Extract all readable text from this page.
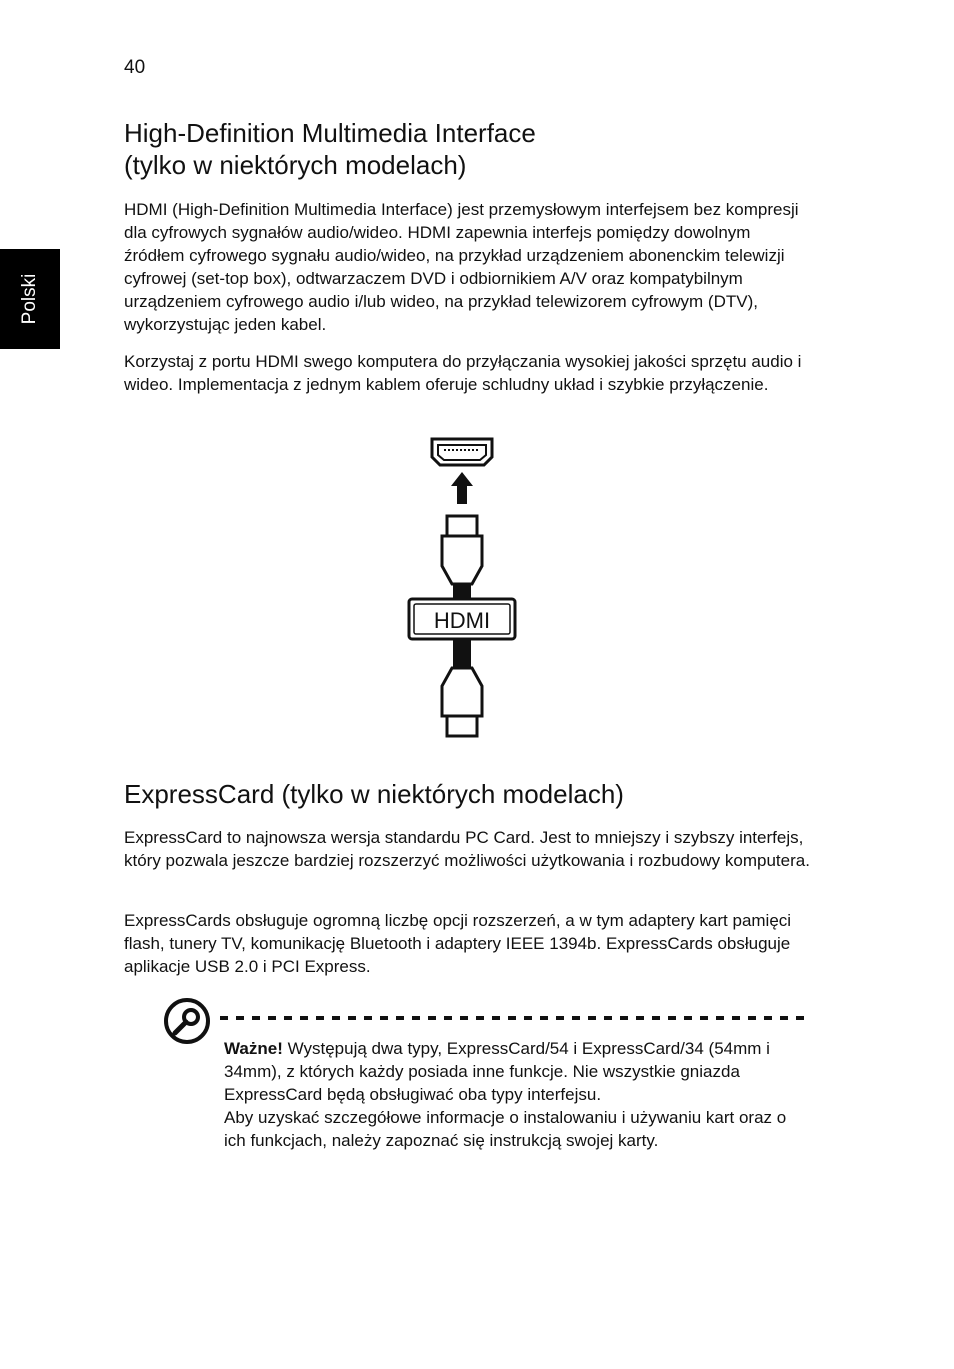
40
Polski
High-Definition Multimedia Interface
(tylko w niektórych modelach)

HDMI (High-Definition Multimedia Interface) jest przemysłowym interfejsem bez kompresji dla cyfrowych sygnałów audio/wideo. HDMI zapewnia interfejs pomiędzy dowolnym źródłem cyfrowego sygnału audio/wideo, na przykład urządzeniem abonenckim telewizji cyfrowej (set-top box), odtwarzaczem DVD i odbiornikiem A/V oraz kompatybilnym urządzeniem cyfrowego audio i/lub wideo, na przykład telewizorem cyfrowym (DTV), wykorzystując jeden kabel.

Korzystaj z portu HDMI swego komputera do przyłączania wysokiej jakości sprzętu audio i wideo. Implementacja z jednym kablem oferuje schludny układ i szybkie przyłączenie.

HDMI
ExpressCard (tylko w niektórych modelach)

ExpressCard to najnowsza wersja standardu PC Card. Jest to mniejszy i szybszy interfejs, który pozwala jeszcze bardziej rozszerzyć możliwości użytkowania i rozbudowy komputera.

ExpressCards obsługuje ogromną liczbę opcji rozszerzeń, a w tym adaptery kart pamięci flash, tunery TV, komunikację Bluetooth i adaptery IEEE 1394b. ExpressCards obsługuje aplikacje USB 2.0 i PCI Express.

Ważne! Występują dwa typy, ExpressCard/54 i ExpressCard/34 (54mm i 34mm), z których każdy posiada inne funkcje. Nie wszystkie gniazda ExpressCard będą obsługiwać oba typy interfejsu.
Aby uzyskać szczegółowe informacje o instalowaniu i używaniu kart oraz o ich funkcjach, należy zapoznać się instrukcją swojej karty.
